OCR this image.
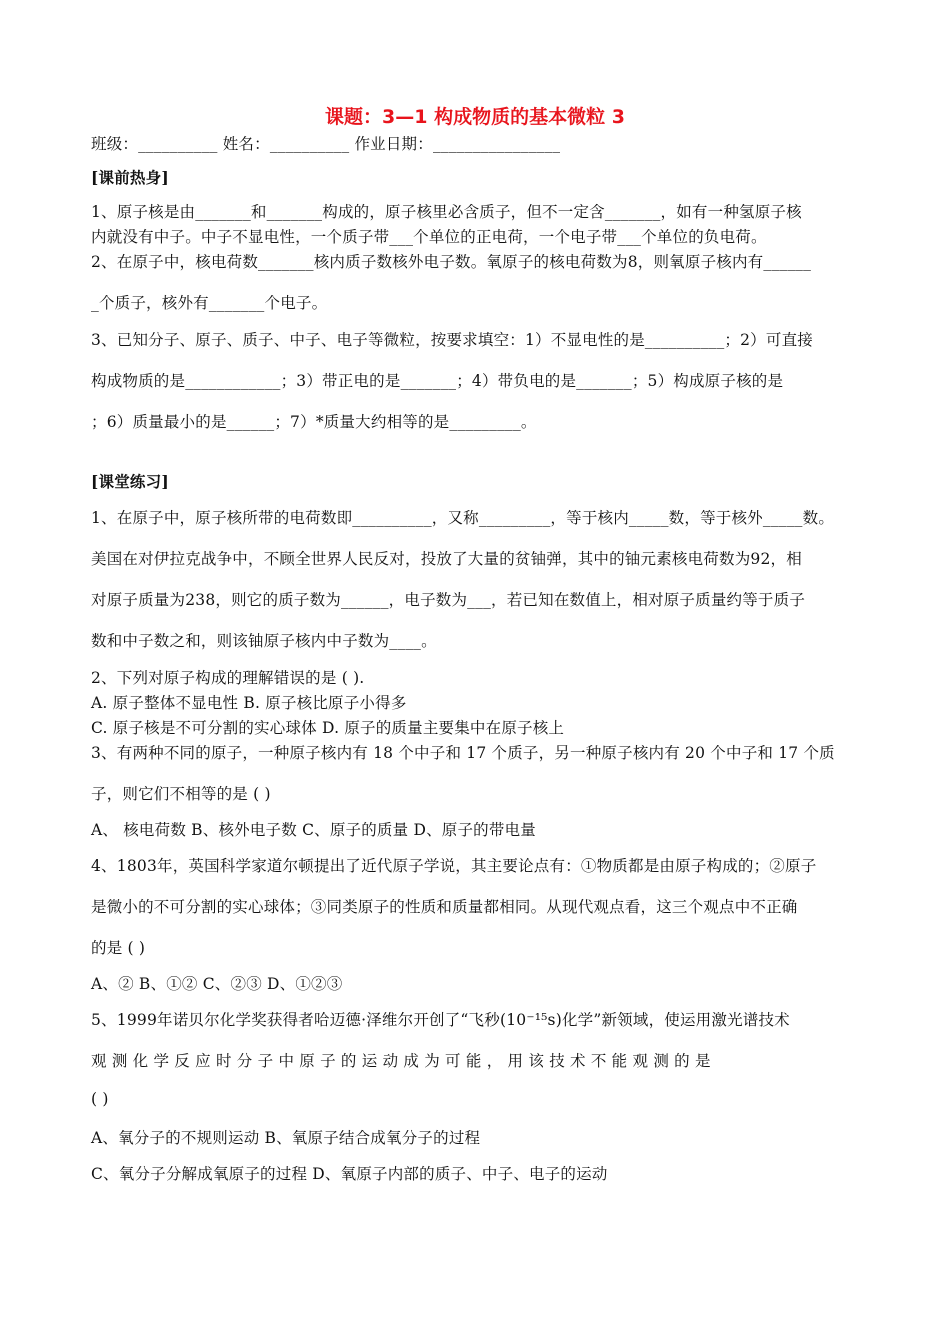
课题：3—1 构成物质的基本微粒 3
班级：__________ 姓名：__________ 作业日期：________________
[课前热身]
1、原子核是由_______和_______构成的，原子核里必含质子，但不一定含_______，如有一种氢原子核
内就没有中子。中子不显电性，一个质子带___个单位的正电荷，一个电子带___个单位的负电荷。
2、在原子中，核电荷数_______核内质子数核外电子数。氧原子的核电荷数为8，则氧原子核内有______
_个质子，核外有_______个电子。
3、已知分子、原子、质子、中子、电子等微粒，按要求填空：1）不显电性的是__________；2）可直接
构成物质的是____________；3）带正电的是_______；4）带负电的是_______；5）构成原子核的是
；6）质量最小的是______；7）*质量大约相等的是_________。
[课堂练习]
1、在原子中，原子核所带的电荷数即__________，又称_________，等于核内_____数，等于核外_____数。
美国在对伊拉克战争中，不顾全世界人民反对，投放了大量的贫铀弹，其中的铀元素核电荷数为92，相
对原子质量为238，则它的质子数为______，电子数为___，若已知在数值上，相对原子质量约等于质子
数和中子数之和，则该铀原子核内中子数为____。
2、下列对原子构成的理解错误的是 ( ).
A. 原子整体不显电性 B. 原子核比原子小得多
C. 原子核是不可分割的实心球体 D. 原子的质量主要集中在原子核上
3、有两种不同的原子，一种原子核内有 18 个中子和 17 个质子，另一种原子核内有 20 个中子和 17 个质
子，则它们不相等的是 ( )
A、 核电荷数 B、核外电子数 C、原子的质量 D、原子的带电量
4、1803年，英国科学家道尔顿提出了近代原子学说，其主要论点有：①物质都是由原子构成的；②原子
是微小的不可分割的实心球体；③同类原子的性质和质量都相同。从现代观点看，这三个观点中不正确
的是 ( )
A、② B、①② C、②③ D、①②③
5、1999年诺贝尔化学奖获得者哈迈德·泽维尔开创了“飞秒(10⁻¹⁵s)化学”新领域，使运用激光谱技术
观 测 化 学 反 应 时 分 子 中 原 子 的 运 动 成 为 可 能 ， 用 该 技 术 不 能 观 测 的 是
( )
A、氧分子的不规则运动 B、氧原子结合成氧分子的过程
C、氧分子分解成氧原子的过程 D、氧原子内部的质子、中子、电子的运动
